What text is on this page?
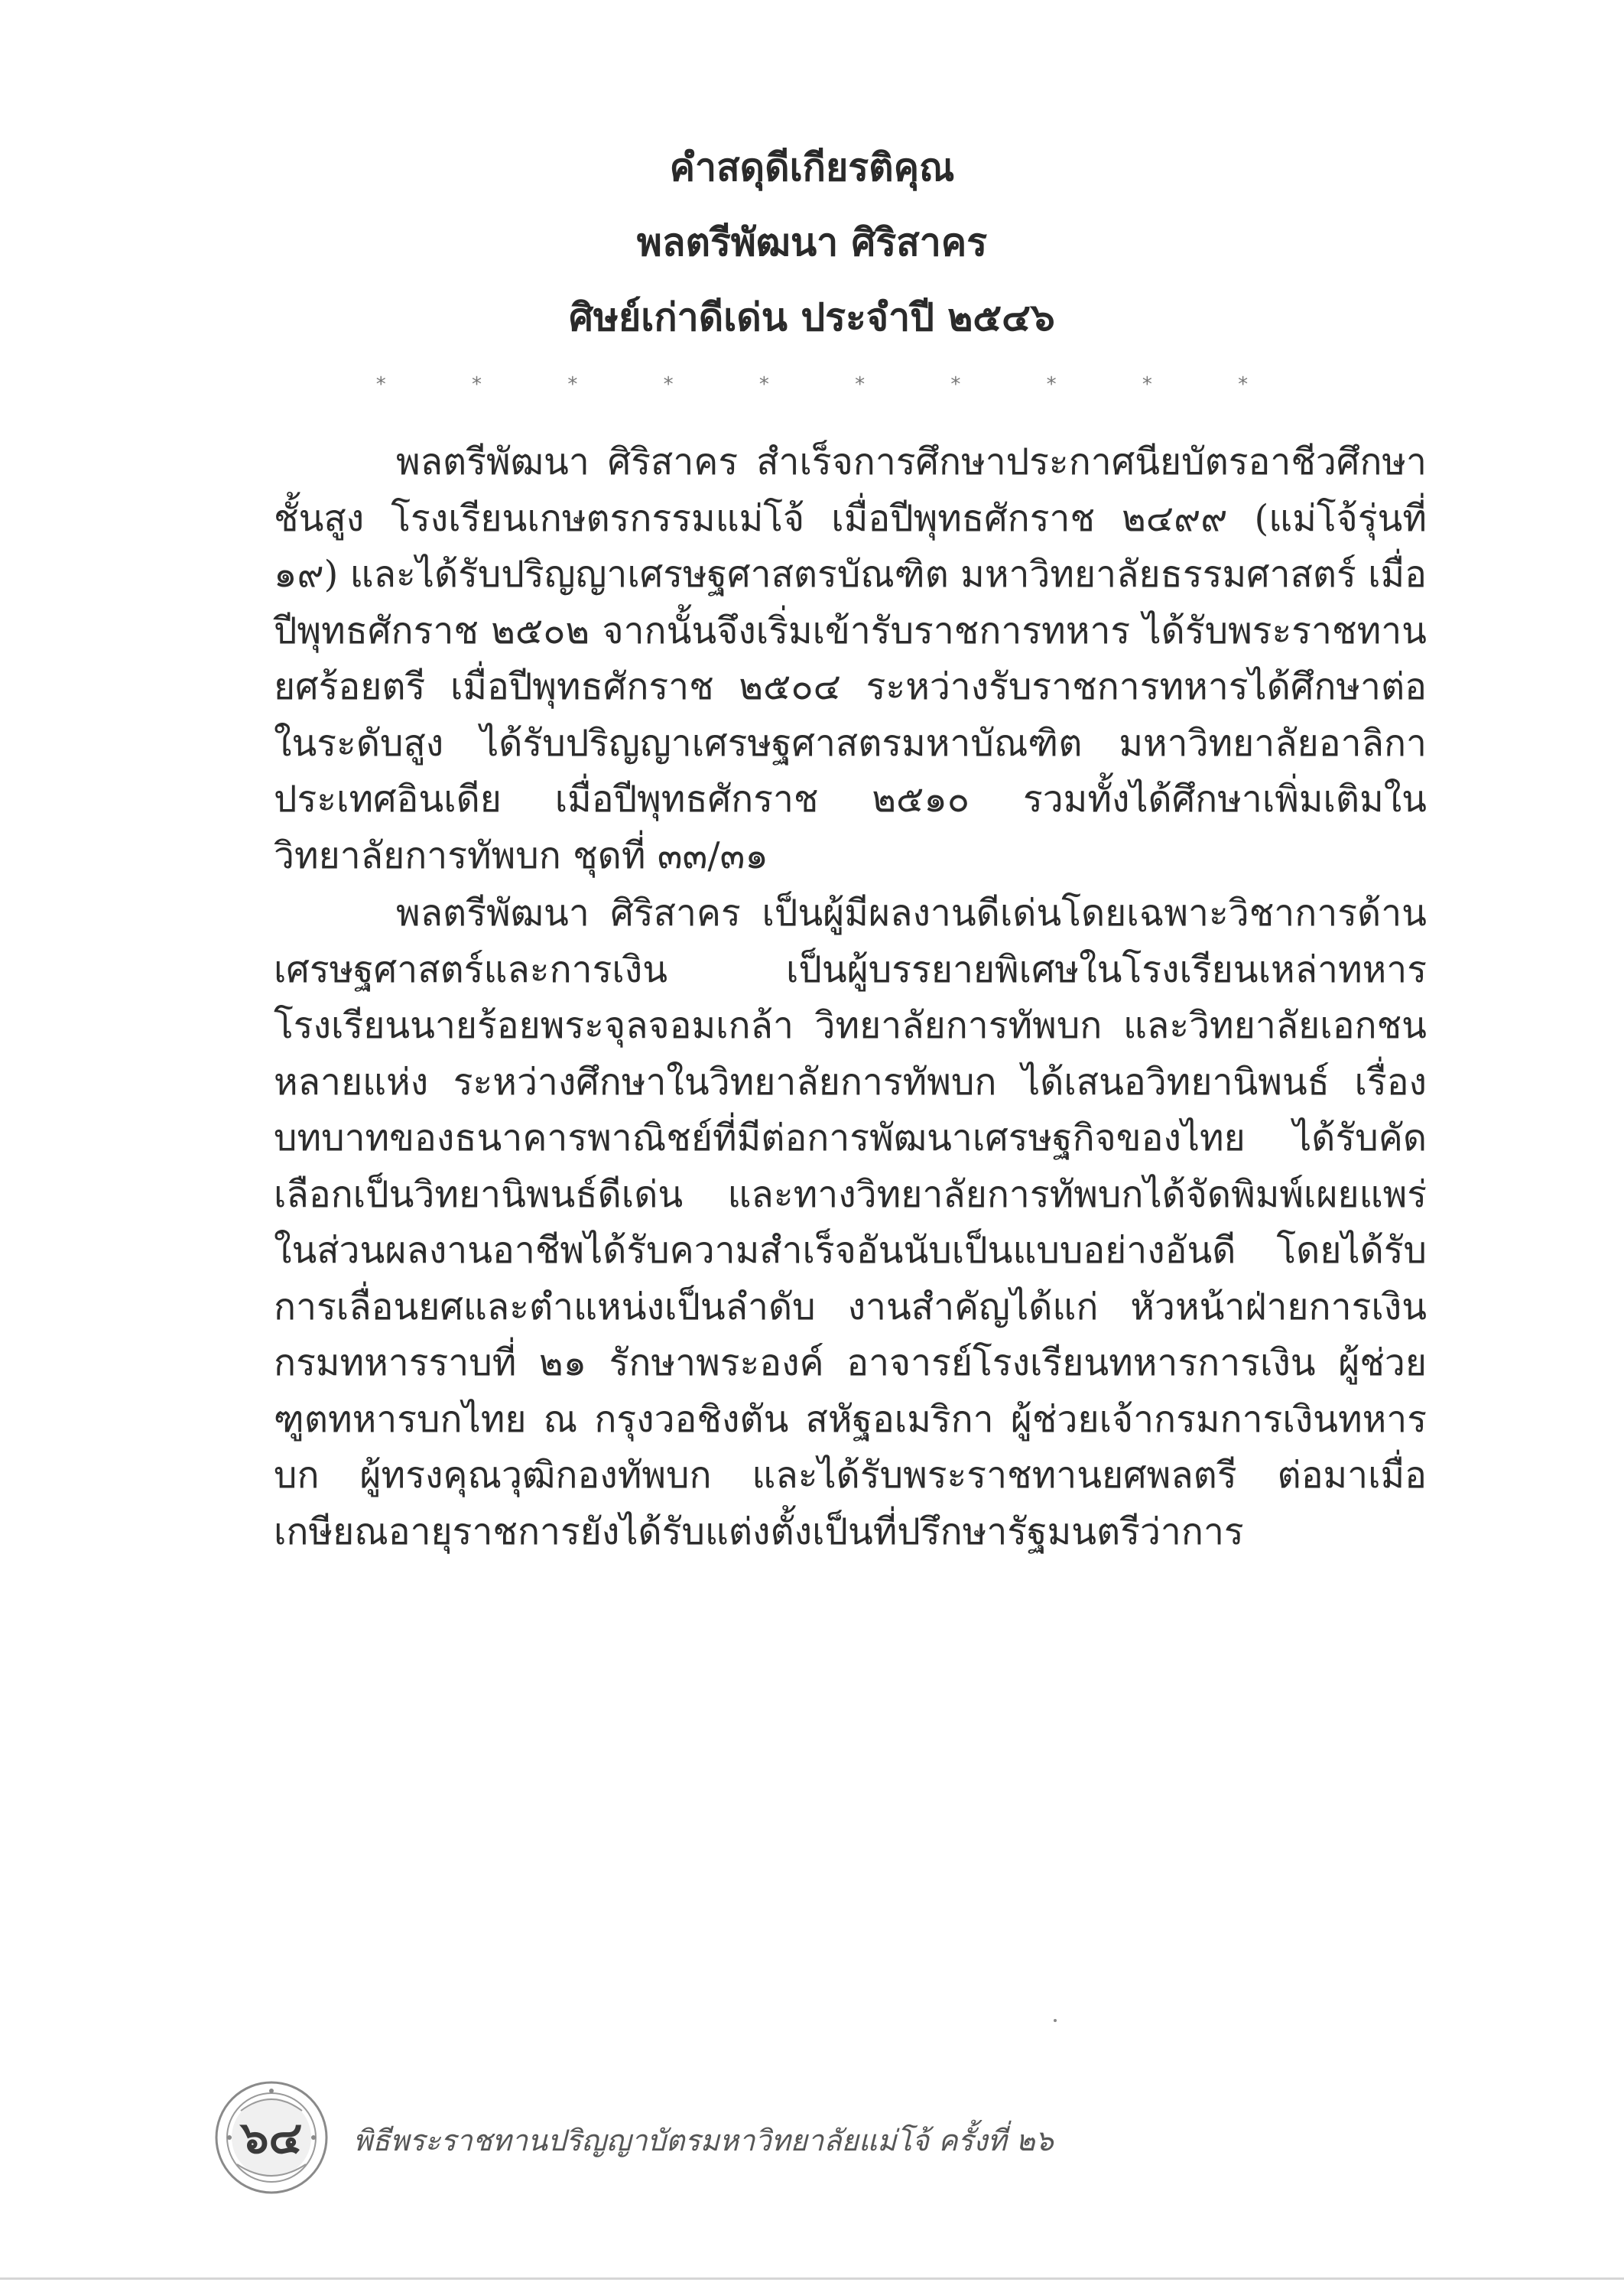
คำสดุดีเกียรติคุณ
พลตรีพัฒนา ศิริสาคร
ศิษย์เก่าดีเด่น ประจำปี ๒๕๔๖
* * * * * * * * * *

พลตรีพัฒนา ศิริสาคร สำเร็จการศึกษาประกาศนียบัตรอาชีวศึกษาชั้นสูง โรงเรียนเกษตรกรรมแม่โจ้ เมื่อปีพุทธศักราช ๒๔๙๙ (แม่โจ้รุ่นที่ ๑๙) และได้รับปริญญาเศรษฐศาสตรบัณฑิต มหาวิทยาลัยธรรมศาสตร์ เมื่อปีพุทธศักราช ๒๕๐๒ จากนั้นจึงเริ่มเข้ารับราชการทหาร ได้รับพระราชทานยศร้อยตรี เมื่อปีพุทธศักราช ๒๕๐๔ ระหว่างรับราชการทหารได้ศึกษาต่อในระดับสูง ได้รับปริญญาเศรษฐศาสตรมหาบัณฑิต มหาวิทยาลัยอาลิกา ประเทศอินเดีย เมื่อปีพุทธศักราช ๒๕๑๐ รวมทั้งได้ศึกษาเพิ่มเติมในวิทยาลัยการทัพบก ชุดที่ ๓๓/๓๑

พลตรีพัฒนา ศิริสาคร เป็นผู้มีผลงานดีเด่นโดยเฉพาะวิชาการด้านเศรษฐศาสตร์และการเงิน เป็นผู้บรรยายพิเศษในโรงเรียนเหล่าทหาร โรงเรียนนายร้อยพระจุลจอมเกล้า วิทยาลัยการทัพบก และวิทยาลัยเอกชนหลายแห่ง ระหว่างศึกษาในวิทยาลัยการทัพบก ได้เสนอวิทยานิพนธ์ เรื่อง บทบาทของธนาคารพาณิชย์ที่มีต่อการพัฒนาเศรษฐกิจของไทย ได้รับคัดเลือกเป็นวิทยานิพนธ์ดีเด่น และทางวิทยาลัยการทัพบกได้จัดพิมพ์เผยแพร่ ในส่วนผลงานอาชีพได้รับความสำเร็จอันนับเป็นแบบอย่างอันดี โดยได้รับการเลื่อนยศและตำแหน่งเป็นลำดับ งานสำคัญได้แก่ หัวหน้าฝ่ายการเงิน กรมทหารราบที่ ๒๑ รักษาพระองค์ อาจารย์โรงเรียนทหารการเงิน ผู้ช่วยฑูตทหารบกไทย ณ กรุงวอชิงตัน สหัฐอเมริกา ผู้ช่วยเจ้ากรมการเงินทหารบก ผู้ทรงคุณวุฒิกองทัพบก และได้รับพระราชทานยศพลตรี ต่อมาเมื่อเกษียณอายุราชการยังได้รับแต่งตั้งเป็นที่ปรึกษารัฐมนตรีว่าการ

๖๔	พิธีพระราชทานปริญญาบัตรมหาวิทยาลัยแม่โจ้ ครั้งที่ ๒๖
